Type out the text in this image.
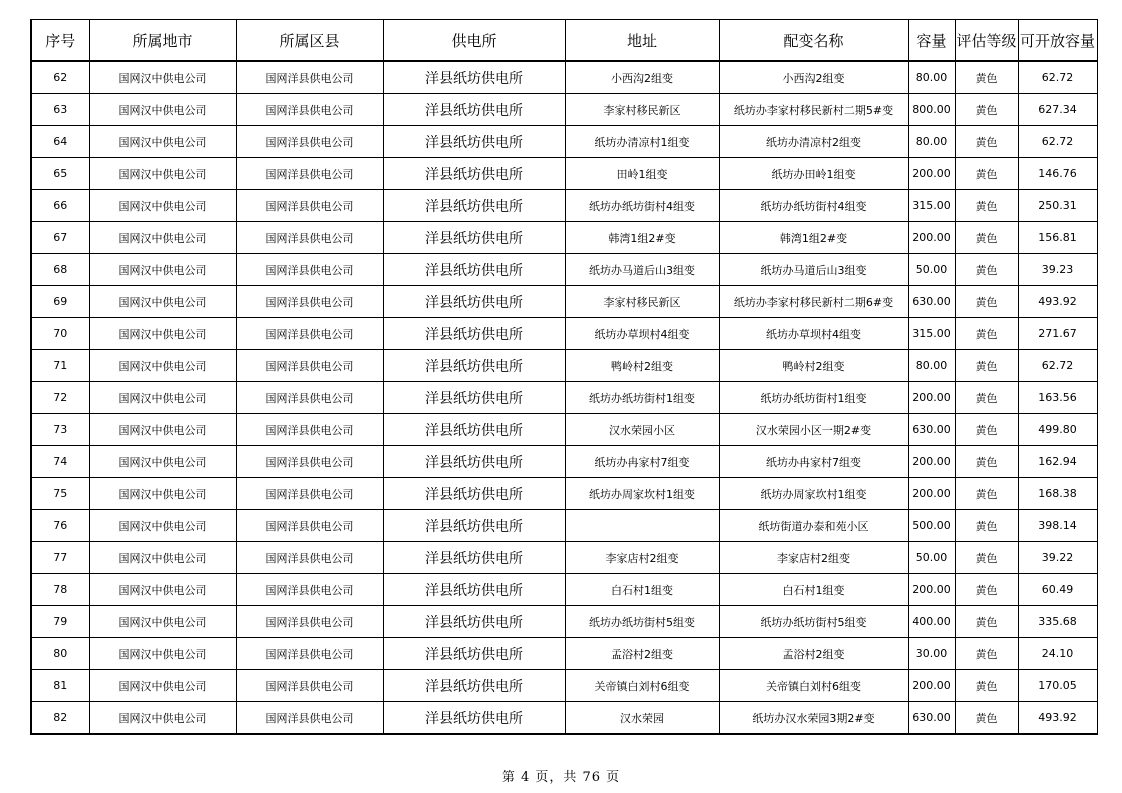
序号	所属地市	所属区县	供电所	地址	配变名称	容量	评估等级	可开放容量
62	国网汉中供电公司	国网洋县供电公司	洋县纸坊供电所	小西沟2组变	小西沟2组变	80.00	黄色	62.72
63	国网汉中供电公司	国网洋县供电公司	洋县纸坊供电所	李家村移民新区	纸坊办李家村移民新村二期5#变	800.00	黄色	627.34
64	国网汉中供电公司	国网洋县供电公司	洋县纸坊供电所	纸坊办清凉村1组变	纸坊办清凉村2组变	80.00	黄色	62.72
65	国网汉中供电公司	国网洋县供电公司	洋县纸坊供电所	田岭1组变	纸坊办田岭1组变	200.00	黄色	146.76
66	国网汉中供电公司	国网洋县供电公司	洋县纸坊供电所	纸坊办纸坊街村4组变	纸坊办纸坊街村4组变	315.00	黄色	250.31
67	国网汉中供电公司	国网洋县供电公司	洋县纸坊供电所	韩湾1组2#变	韩湾1组2#变	200.00	黄色	156.81
68	国网汉中供电公司	国网洋县供电公司	洋县纸坊供电所	纸坊办马道后山3组变	纸坊办马道后山3组变	50.00	黄色	39.23
69	国网汉中供电公司	国网洋县供电公司	洋县纸坊供电所	李家村移民新区	纸坊办李家村移民新村二期6#变	630.00	黄色	493.92
70	国网汉中供电公司	国网洋县供电公司	洋县纸坊供电所	纸坊办草坝村4组变	纸坊办草坝村4组变	315.00	黄色	271.67
71	国网汉中供电公司	国网洋县供电公司	洋县纸坊供电所	鸭岭村2组变	鸭岭村2组变	80.00	黄色	62.72
72	国网汉中供电公司	国网洋县供电公司	洋县纸坊供电所	纸坊办纸坊街村1组变	纸坊办纸坊街村1组变	200.00	黄色	163.56
73	国网汉中供电公司	国网洋县供电公司	洋县纸坊供电所	汉水荣园小区	汉水荣园小区一期2#变	630.00	黄色	499.80
74	国网汉中供电公司	国网洋县供电公司	洋县纸坊供电所	纸坊办冉家村7组变	纸坊办冉家村7组变	200.00	黄色	162.94
75	国网汉中供电公司	国网洋县供电公司	洋县纸坊供电所	纸坊办周家坎村1组变	纸坊办周家坎村1组变	200.00	黄色	168.38
76	国网汉中供电公司	国网洋县供电公司	洋县纸坊供电所		纸坊街道办泰和苑小区	500.00	黄色	398.14
77	国网汉中供电公司	国网洋县供电公司	洋县纸坊供电所	李家店村2组变	李家店村2组变	50.00	黄色	39.22
78	国网汉中供电公司	国网洋县供电公司	洋县纸坊供电所	白石村1组变	白石村1组变	200.00	黄色	60.49
79	国网汉中供电公司	国网洋县供电公司	洋县纸坊供电所	纸坊办纸坊街村5组变	纸坊办纸坊街村5组变	400.00	黄色	335.68
80	国网汉中供电公司	国网洋县供电公司	洋县纸坊供电所	孟浴村2组变	孟浴村2组变	30.00	黄色	24.10
81	国网汉中供电公司	国网洋县供电公司	洋县纸坊供电所	关帝镇白刘村6组变	关帝镇白刘村6组变	200.00	黄色	170.05
82	国网汉中供电公司	国网洋县供电公司	洋县纸坊供电所	汉水荣园	纸坊办汉水荣园3期2#变	630.00	黄色	493.92
第 4 页，共 76 页
